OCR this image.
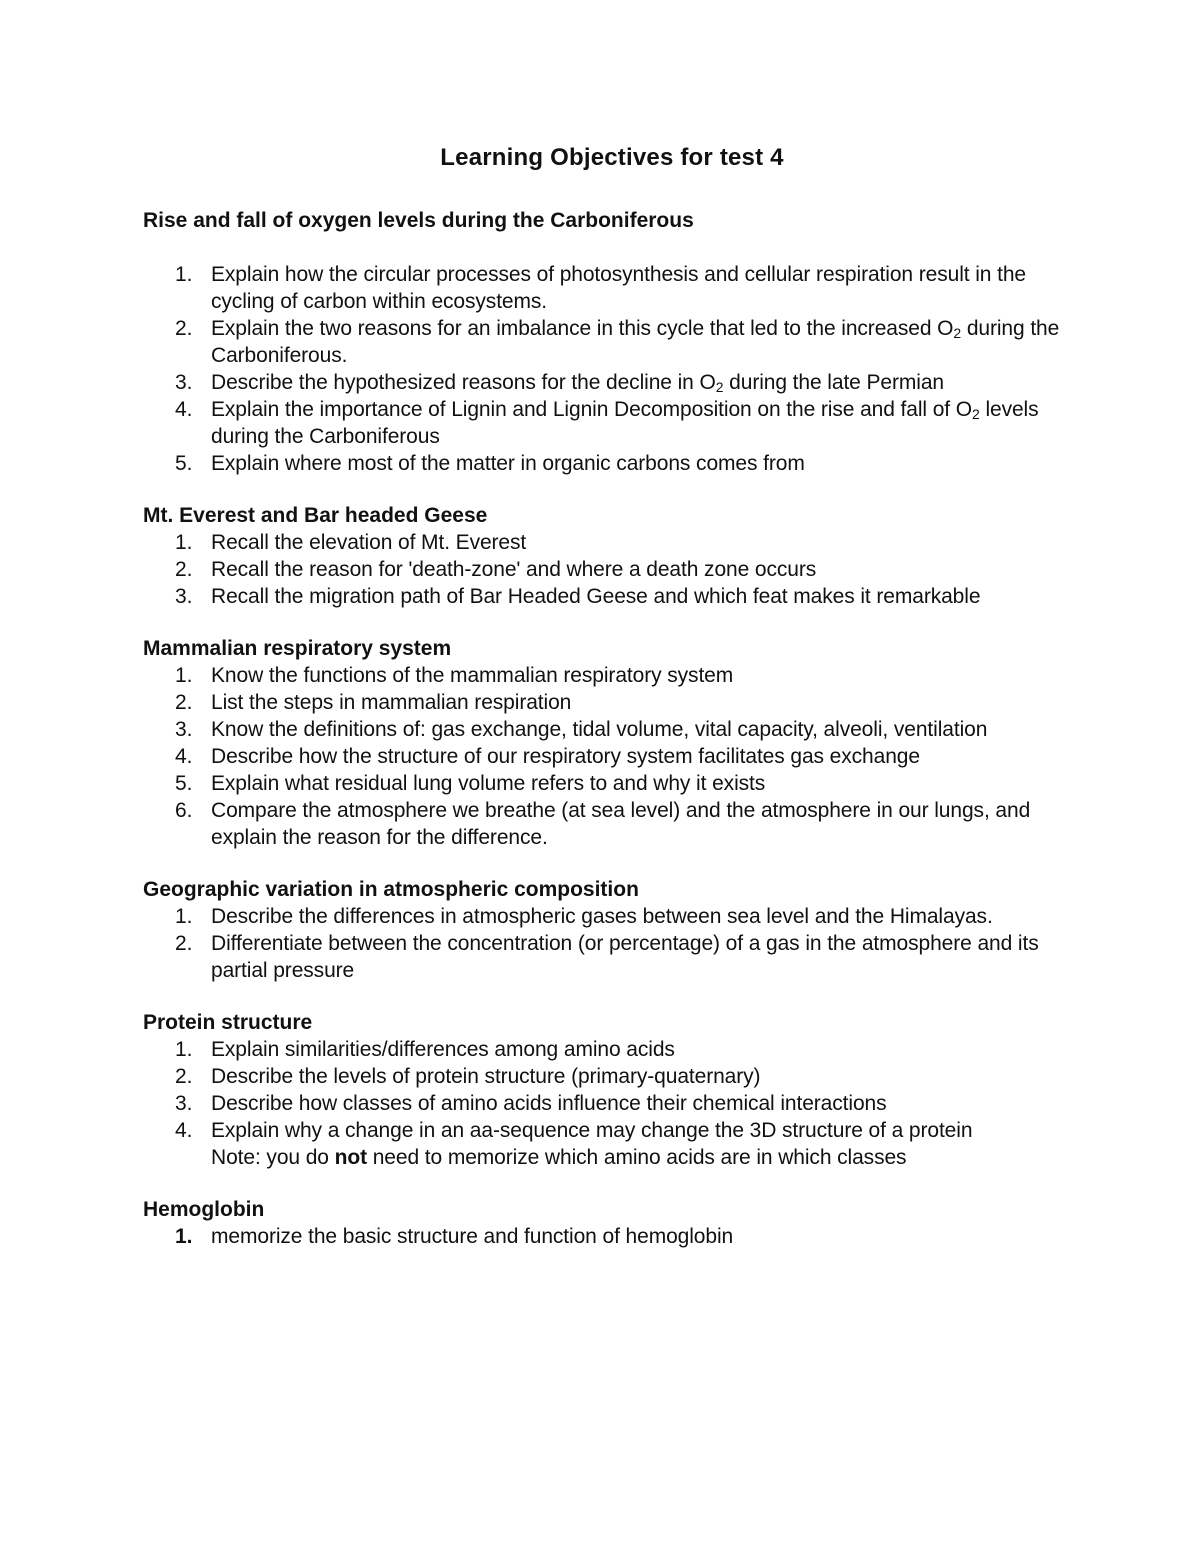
Learning Objectives for test 4
Rise and fall of oxygen levels during the Carboniferous
1. Explain how the circular processes of photosynthesis and cellular respiration result in the cycling of carbon within ecosystems.
2. Explain the two reasons for an imbalance in this cycle that led to the increased $O_2$ during the Carboniferous.
3. Describe the hypothesized reasons for the decline in $O_2$ during the late Permian
4. Explain the importance of Lignin and Lignin Decomposition on the rise and fall of $O_2$ levels during the Carboniferous
5. Explain where most of the matter in organic carbons comes from
Mt. Everest and Bar headed Geese
1. Recall the elevation of Mt. Everest
2. Recall the reason for 'death-zone' and where a death zone occurs
3. Recall the migration path of Bar Headed Geese and which feat makes it remarkable
Mammalian respiratory system
1. Know the functions of the mammalian respiratory system
2. List the steps in mammalian respiration
3. Know the definitions of: gas exchange, tidal volume, vital capacity, alveoli, ventilation
4. Describe how the structure of our respiratory system facilitates gas exchange
5. Explain what residual lung volume refers to and why it exists
6. Compare the atmosphere we breathe (at sea level) and the atmosphere in our lungs, and explain the reason for the difference.
Geographic variation in atmospheric composition
1. Describe the differences in atmospheric gases between sea level and the Himalayas.
2. Differentiate between the concentration (or percentage) of a gas in the atmosphere and its partial pressure
Protein structure
1. Explain similarities/differences among amino acids
2. Describe the levels of protein structure (primary-quaternary)
3. Describe how classes of amino acids influence their chemical interactions
4. Explain why a change in an aa-sequence may change the 3D structure of a protein
Note: you do not need to memorize which amino acids are in which classes
Hemoglobin
1. memorize the basic structure and function of hemoglobin
